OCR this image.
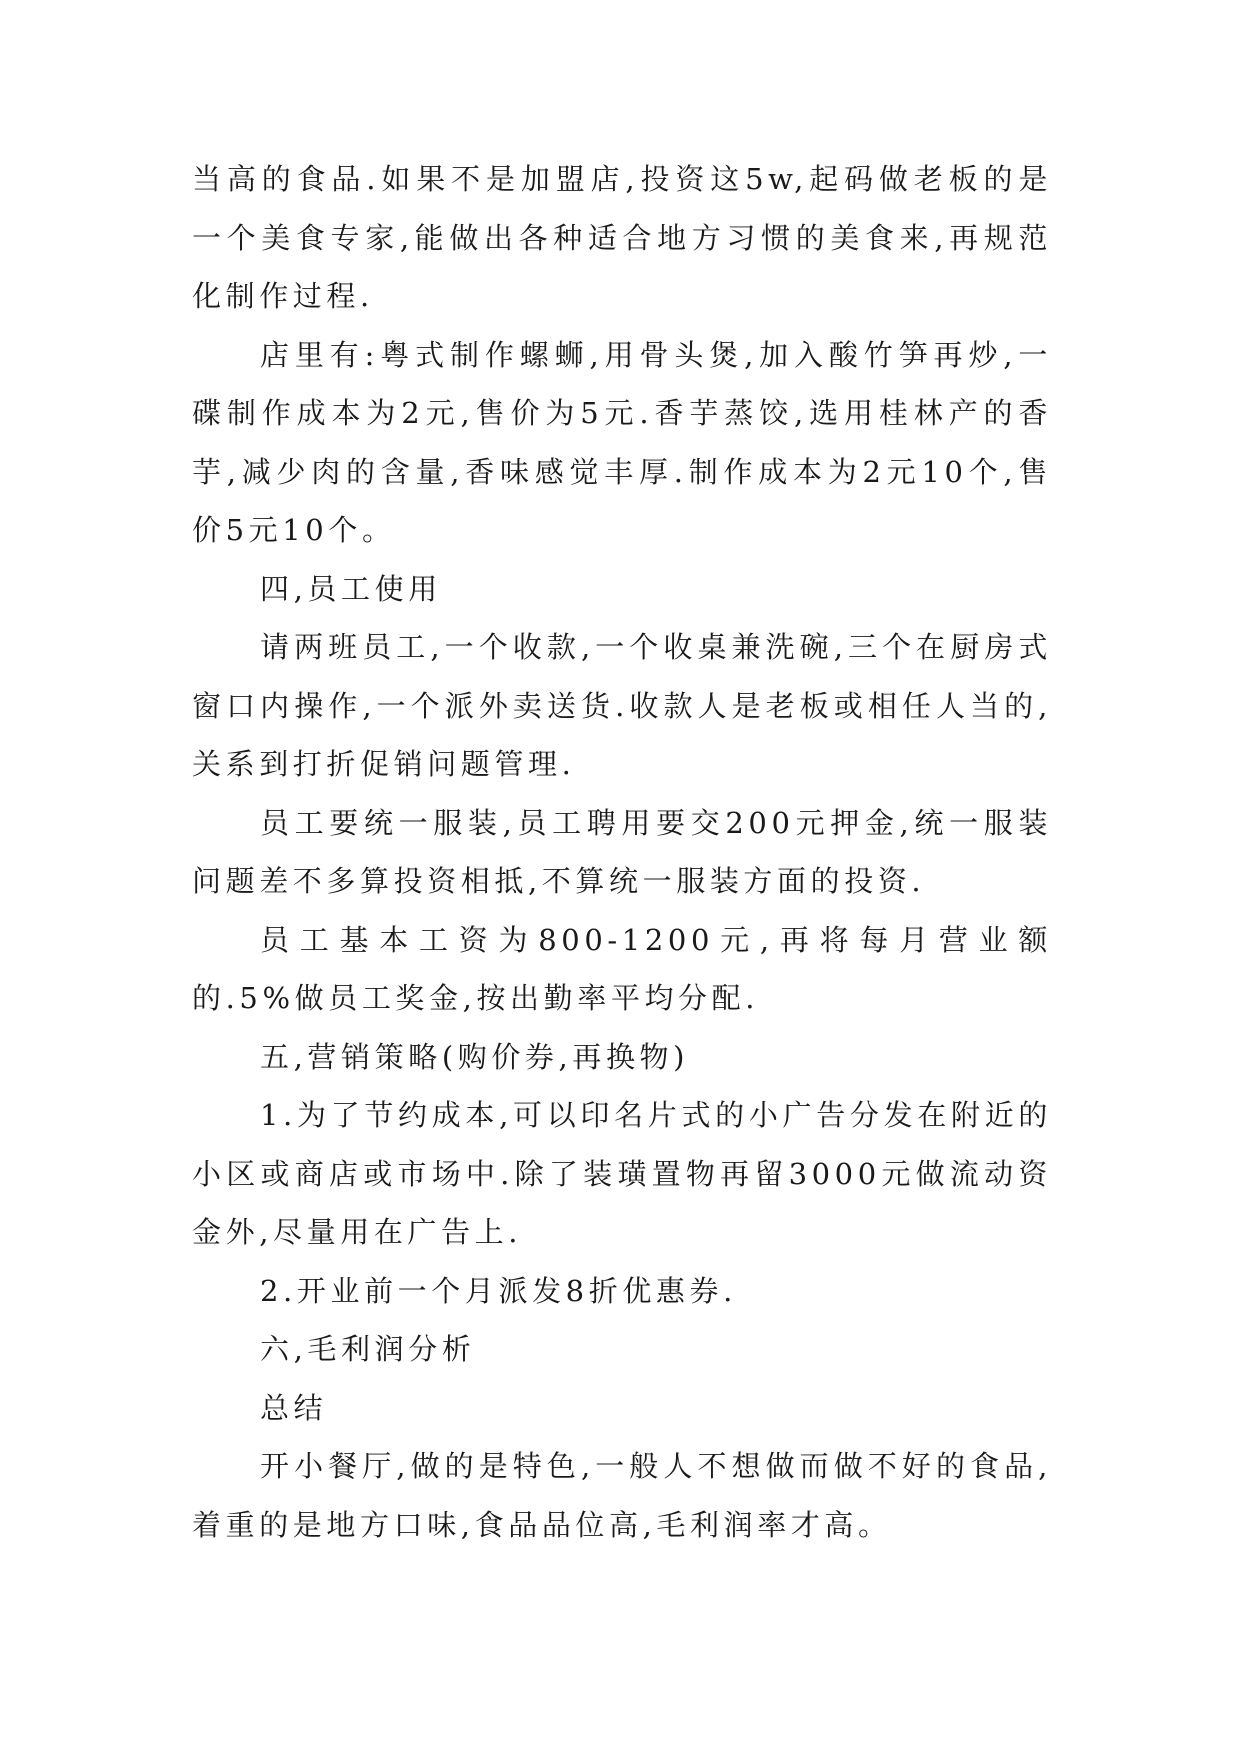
当高的食品.如果不是加盟店,投资这5w,起码做老板的是一个美食专家,能做出各种适合地方习惯的美食来,再规范化制作过程.

店里有:粤式制作螺蛳,用骨头煲,加入酸竹笋再炒,一碟制作成本为2元,售价为5元.香芋蒸饺,选用桂林产的香芋,减少肉的含量,香味感觉丰厚.制作成本为2元10个,售价5元10个。

四,员工使用

请两班员工,一个收款,一个收桌兼洗碗,三个在厨房式窗口内操作,一个派外卖送货.收款人是老板或相任人当的,关系到打折促销问题管理.

员工要统一服装,员工聘用要交200元押金,统一服装问题差不多算投资相抵,不算统一服装方面的投资.

员工基本工资为800-1200元,再将每月营业额的.5%做员工奖金,按出勤率平均分配.

五,营销策略(购价券,再换物)

1.为了节约成本,可以印名片式的小广告分发在附近的小区或商店或市场中.除了装璜置物再留3000元做流动资金外,尽量用在广告上.

2.开业前一个月派发8折优惠券.

六,毛利润分析

总结

开小餐厅,做的是特色,一般人不想做而做不好的食品,着重的是地方口味,食品品位高,毛利润率才高。
